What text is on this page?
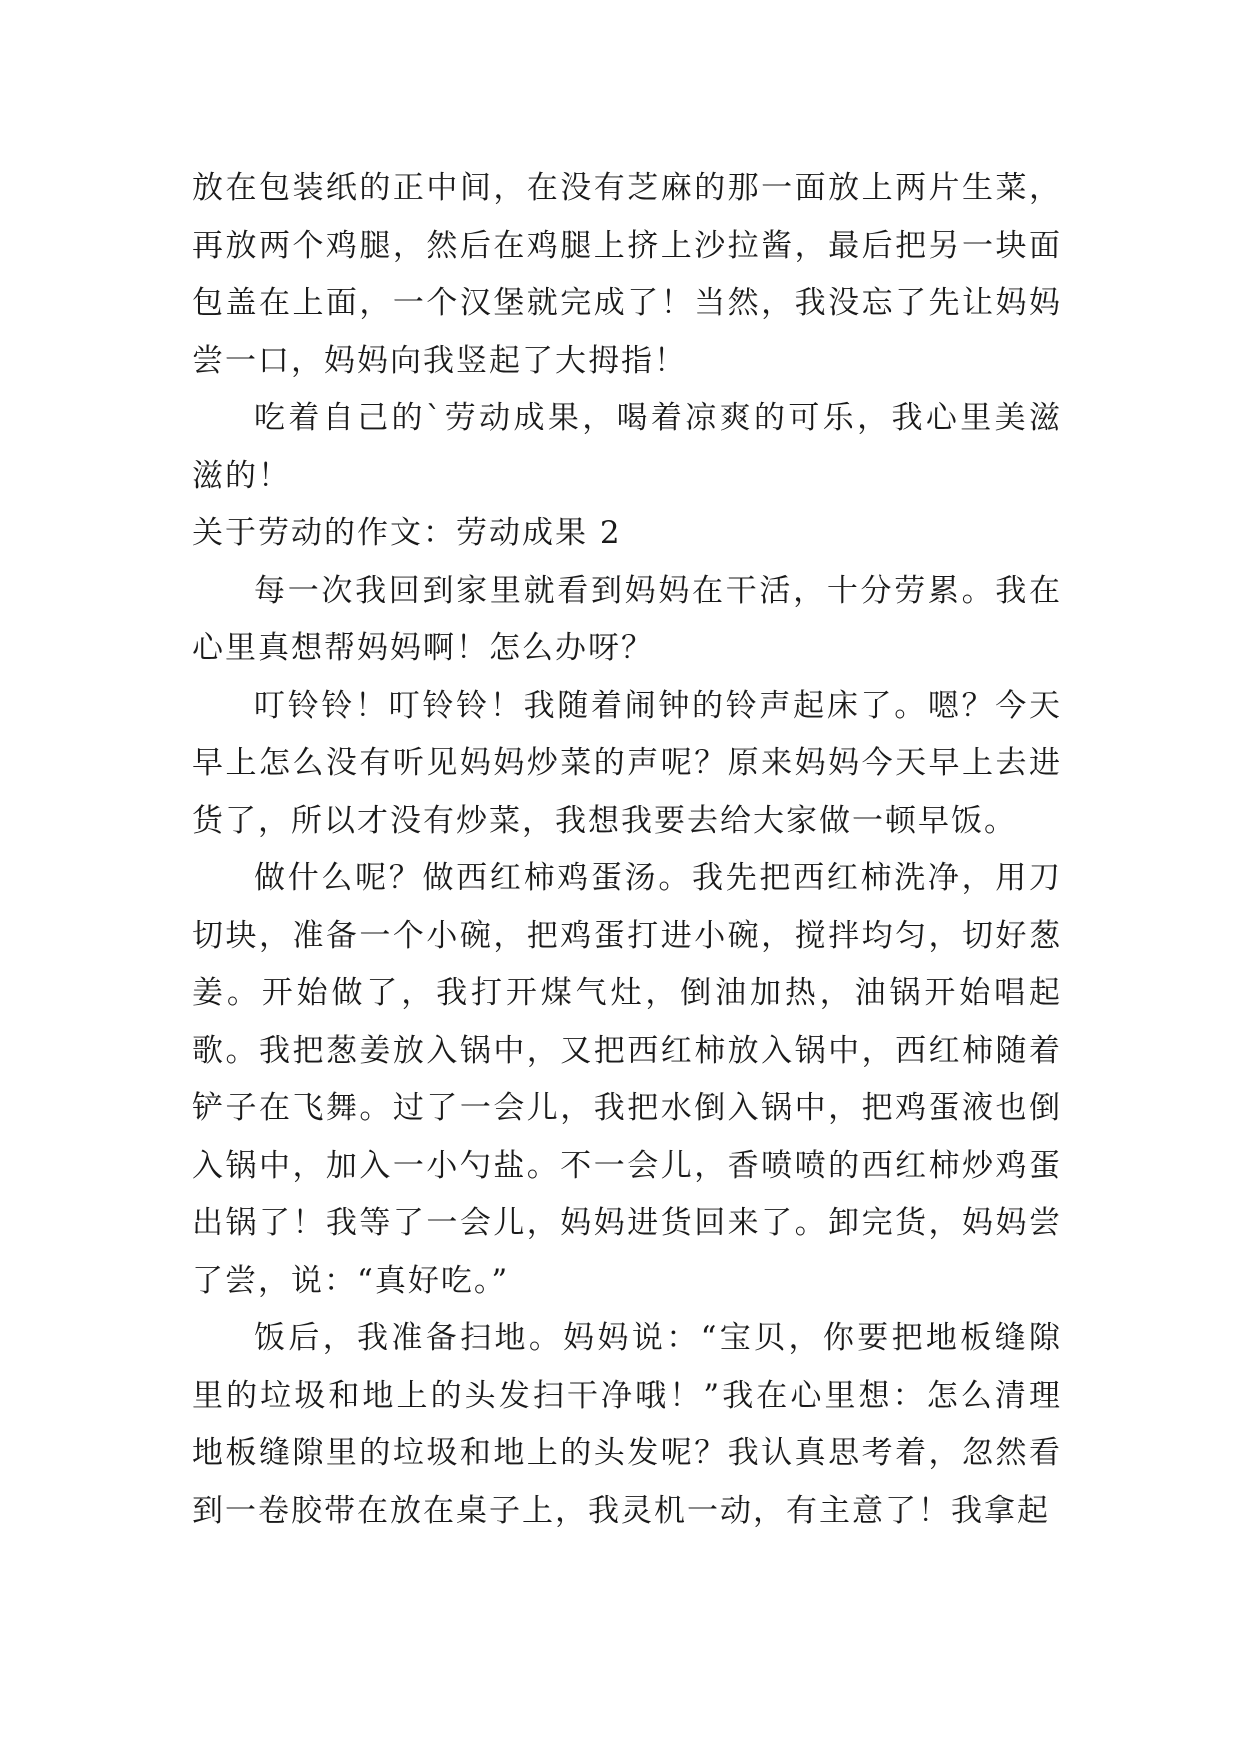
放在包装纸的正中间，在没有芝麻的那一面放上两片生菜，再放两个鸡腿，然后在鸡腿上挤上沙拉酱，最后把另一块面包盖在上面，一个汉堡就完成了！当然，我没忘了先让妈妈尝一口，妈妈向我竖起了大拇指！

吃着自己的`劳动成果，喝着凉爽的可乐，我心里美滋滋的！

关于劳动的作文：劳动成果 2

每一次我回到家里就看到妈妈在干活，十分劳累。我在心里真想帮妈妈啊！怎么办呀？

叮铃铃！叮铃铃！我随着闹钟的铃声起床了。嗯？今天早上怎么没有听见妈妈炒菜的声呢？原来妈妈今天早上去进货了，所以才没有炒菜，我想我要去给大家做一顿早饭。

做什么呢？做西红柿鸡蛋汤。我先把西红柿洗净，用刀切块，准备一个小碗，把鸡蛋打进小碗，搅拌均匀，切好葱姜。开始做了，我打开煤气灶，倒油加热，油锅开始唱起歌。我把葱姜放入锅中，又把西红柿放入锅中，西红柿随着铲子在飞舞。过了一会儿，我把水倒入锅中，把鸡蛋液也倒入锅中，加入一小勺盐。不一会儿，香喷喷的西红柿炒鸡蛋出锅了！我等了一会儿，妈妈进货回来了。卸完货，妈妈尝了尝，说：“真好吃。”

饭后，我准备扫地。妈妈说：“宝贝，你要把地板缝隙里的垃圾和地上的头发扫干净哦！”我在心里想：怎么清理地板缝隙里的垃圾和地上的头发呢？我认真思考着，忽然看到一卷胶带在放在桌子上，我灵机一动，有主意了！我拿起
